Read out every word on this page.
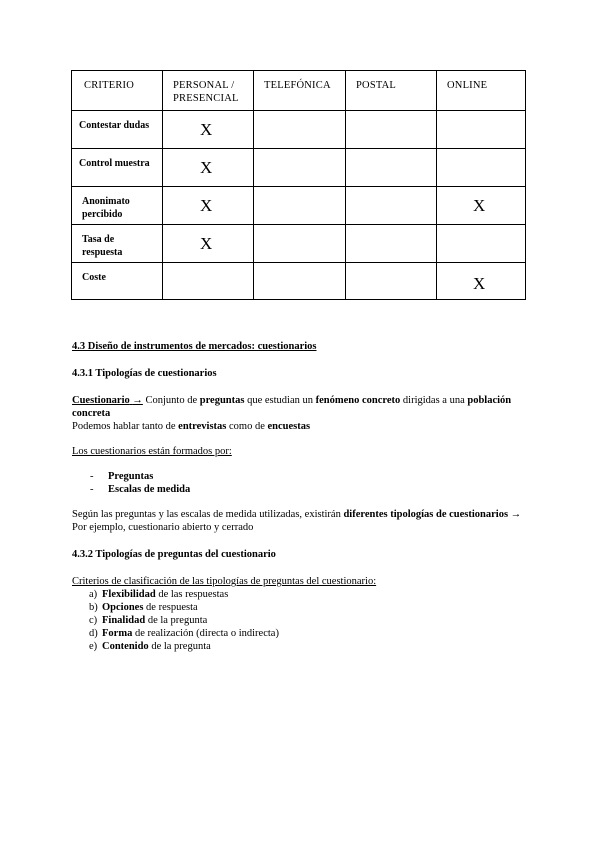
CRITERIO	PERSONAL /
PRESENCIAL	TELEFÓNICA	POSTAL	ONLINE

Contestar dudas	X			

Control muestra	X			

Anonimato
percibido	X			X

Tasa de
respuesta	X			

Coste				X

4.3 Diseño de instrumentos de mercados: cuestionarios

4.3.1 Tipologías de cuestionarios

Cuestionario → Conjunto de preguntas que estudian un fenómeno concreto dirigidas a una población concreta

Podemos hablar tanto de entrevistas como de encuestas

Los cuestionarios están formados por:

- Preguntas
- Escalas de medida

Según las preguntas y las escalas de medida utilizadas, existirán diferentes tipologías de cuestionarios → Por ejemplo, cuestionario abierto y cerrado

4.3.2 Tipologías de preguntas del cuestionario

Criterios de clasificación de las tipologías de preguntas del cuestionario:

a) Flexibilidad de las respuestas
b) Opciones de respuesta
c) Finalidad de la pregunta
d) Forma de realización (directa o indirecta)
e) Contenido de la pregunta
